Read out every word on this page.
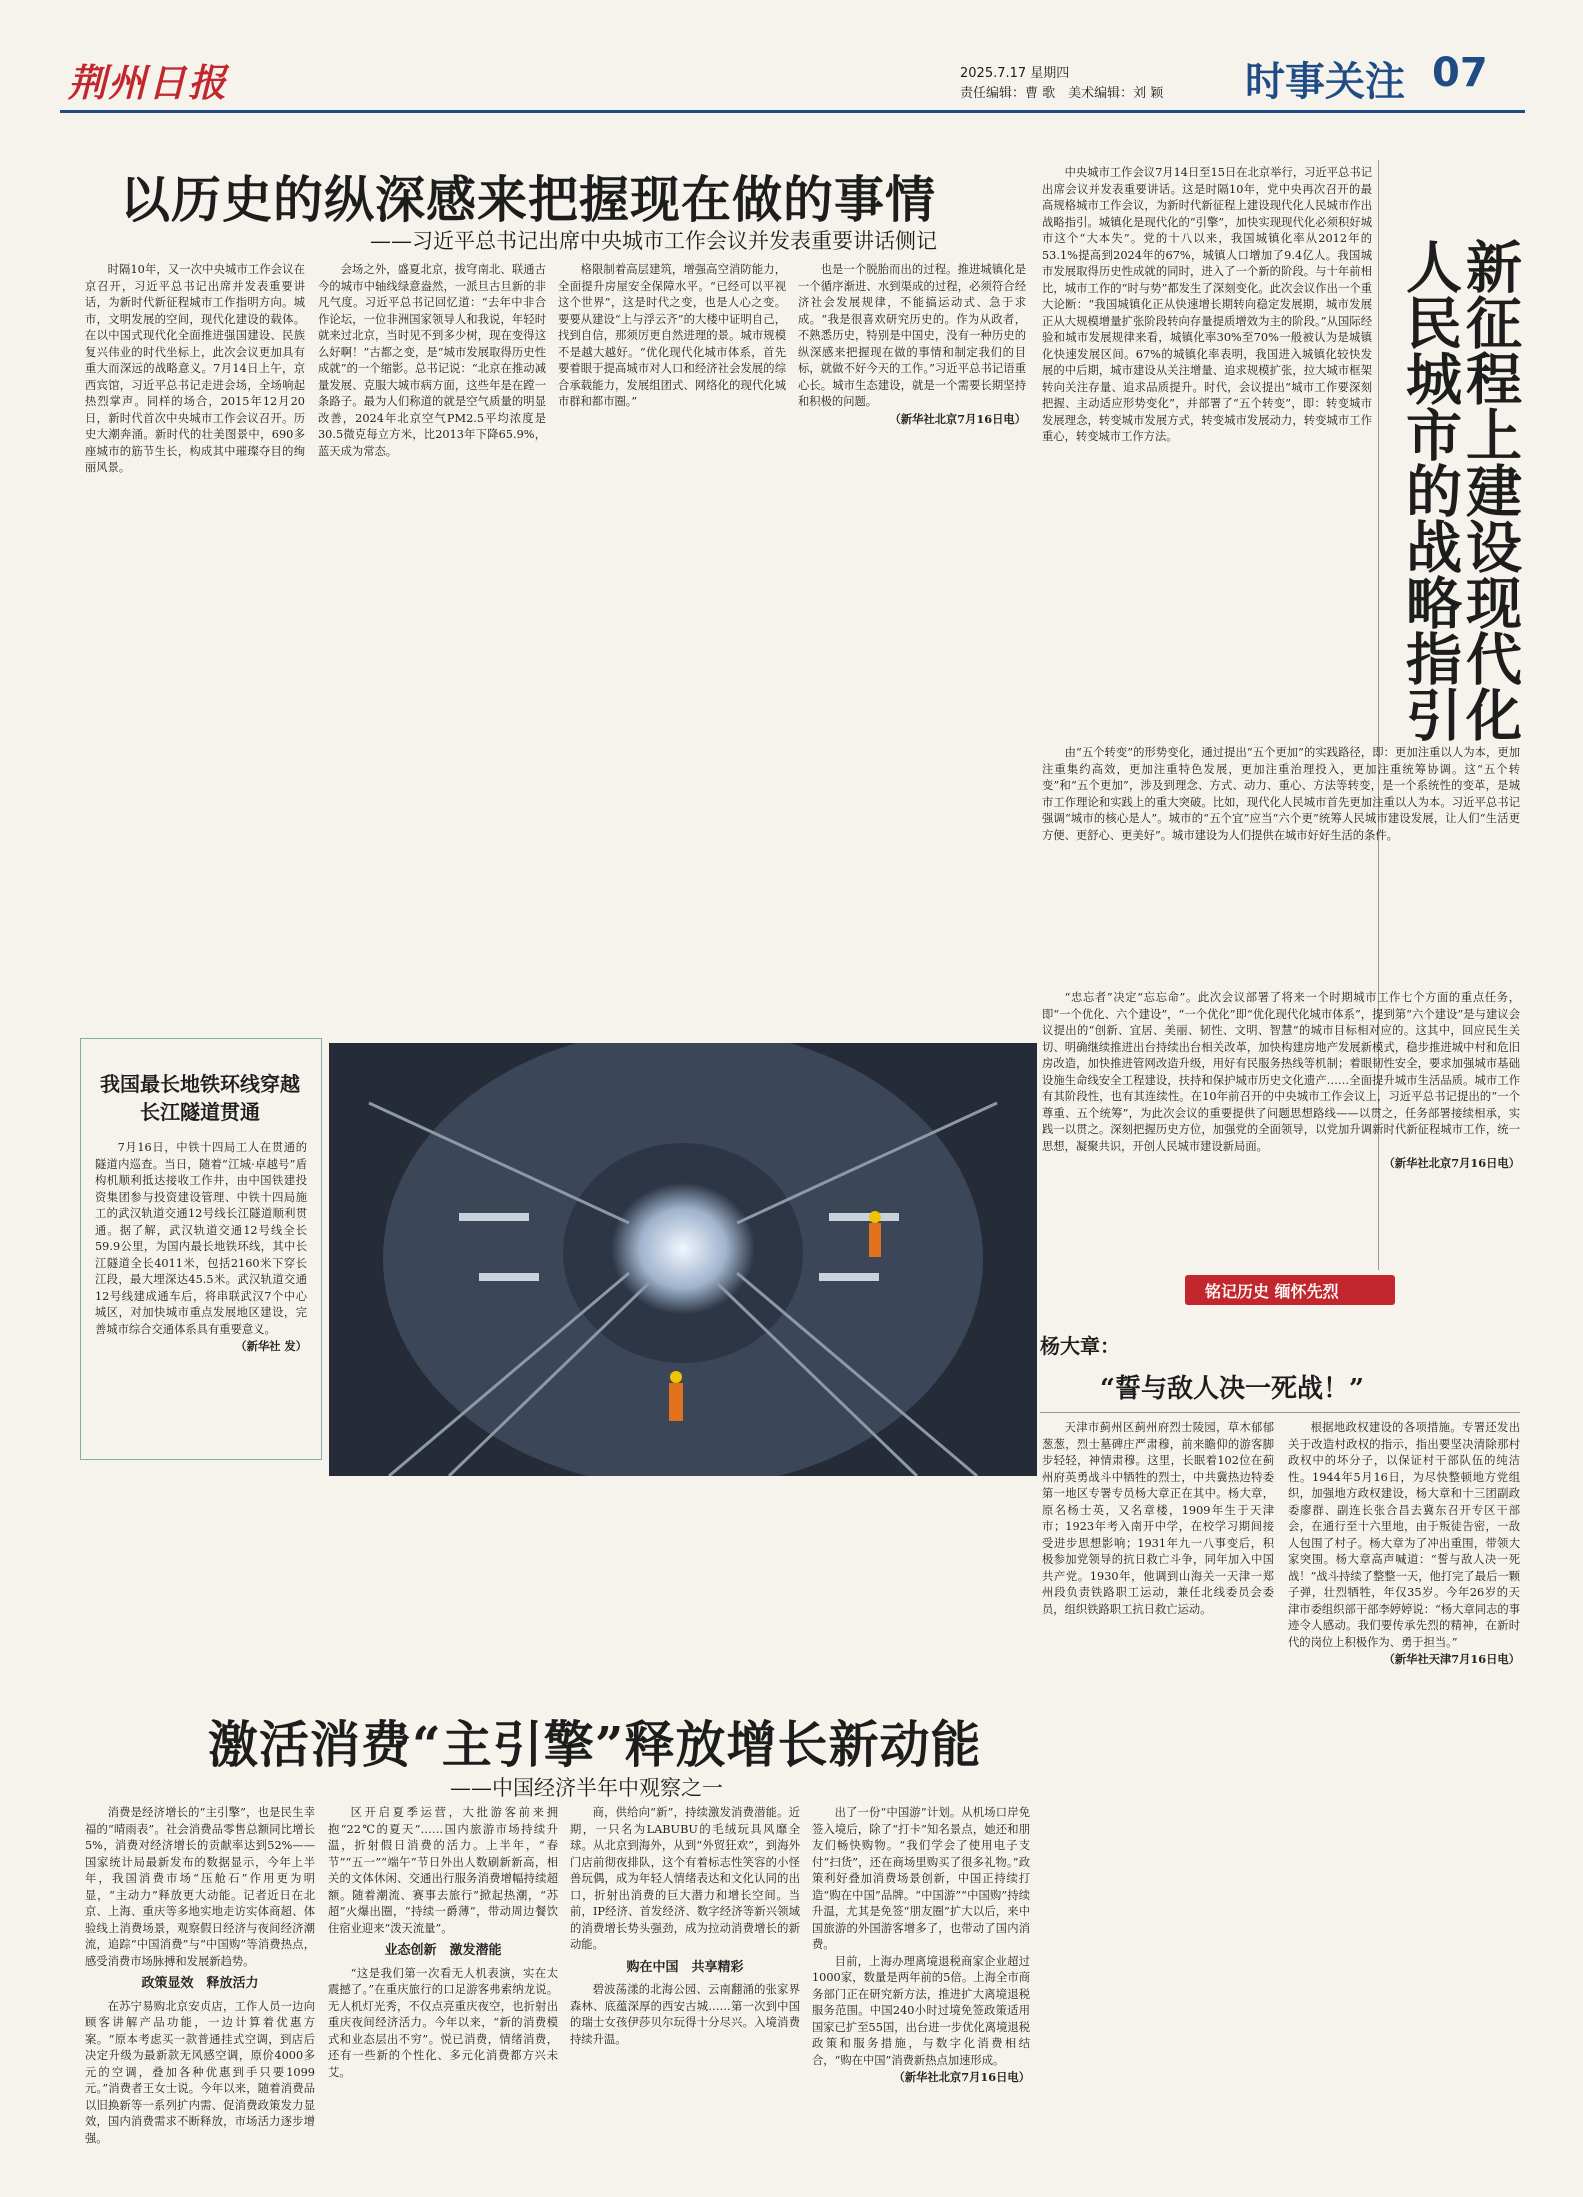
荆州日报	2025.7.17 星期四
责任编辑：曹 歌　美术编辑：刘 颖 时事关注 07
以历史的纵深感来把握现在做的事情
——习近平总书记出席中央城市工作会议并发表重要讲话侧记

时隔10年，又一次中央城市工作会议在京召开，习近平总书记出席并发表重要讲话，为新时代新征程城市工作指明方向。城市，文明发展的空间，现代化建设的载体。在以中国式现代化全面推进强国建设、民族复兴伟业的时代坐标上，此次会议更加具有重大而深远的战略意义。7月14日上午，京西宾馆，习近平总书记走进会场，全场响起热烈掌声。同样的场合，2015年12月20日，新时代首次中央城市工作会议召开。历史大潮奔涌。新时代的壮美图景中，690多座城市的筋节生长，构成其中璀璨夺目的绚丽风景。

会场之外，盛夏北京，拔穹南北、联通古今的城市中轴线绿意盎然，一派旦古旦新的非凡气度。习近平总书记回忆道：“去年中非合作论坛，一位非洲国家领导人和我说，年轻时就来过北京，当时见不到多少树，现在变得这么好啊！”古都之变，是“城市发展取得历史性成就”的一个缩影。总书记说：“北京在推动减量发展、克服大城市病方面，这些年是在蹚一条路子。最为人们称道的就是空气质量的明显改善，2024年北京空气PM2.5平均浓度是30.5微克每立方米，比2013年下降65.9%，蓝天成为常态。

格限制着高层建筑，增强高空消防能力，全面提升房屋安全保障水平。“已经可以平视这个世界”，这是时代之变，也是人心之变。要要从建设“上与浮云齐”的大楼中证明自己，找到自信，那须厉更自然进理的景。城市规模不是越大越好。“优化现代化城市体系，首先要着眼于提高城市对人口和经济社会发展的综合承载能力，发展组团式、网络化的现代化城市群和都市圈。”

也是一个脱胎而出的过程。推进城镇化是一个循序渐进、水到渠成的过程，必须符合经济社会发展规律，不能搞运动式、急于求成。“我是很喜欢研究历史的。作为从政者，不熟悉历史，特别是中国史，没有一种历史的纵深感来把握现在做的事情和制定我们的目标，就做不好今天的工作。”习近平总书记语重心长。城市生态建设，就是一个需要长期坚持和积极的问题。

（新华社北京7月16日电）

中央城市工作会议7月14日至15日在北京举行，习近平总书记出席会议并发表重要讲话。这是时隔10年，党中央再次召开的最高规格城市工作会议，为新时代新征程上建设现代化人民城市作出战略指引。城镇化是现代化的“引擎”，加快实现现代化必须积好城市这个“大本失”。党的十八以来，我国城镇化率从2012年的53.1%提高到2024年的67%，城镇人口增加了9.4亿人。我国城市发展取得历史性成就的同时，进入了一个新的阶段。与十年前相比，城市工作的“时与势”都发生了深刻变化。此次会议作出一个重大论断：“我国城镇化正从快速增长期转向稳定发展期，城市发展正从大规模增量扩张阶段转向存量提质增效为主的阶段。”从国际经验和城市发展规律来看，城镇化率30%至70%一般被认为是城镇化快速发展区间。67%的城镇化率表明，我国进入城镇化较快发展的中后期，城市建设从关注增量、追求规模扩张，拉大城市框架转向关注存量、追求品质提升。时代，会议提出“城市工作要深刻把握、主动适应形势变化”，并部署了“五个转变”，即：转变城市发展理念，转变城市发展方式，转变城市发展动力，转变城市工作重心，转变城市工作方法。	新征程上建设现代化人民城市的战略指引

由“五个转变”的形势变化，通过提出“五个更加”的实践路径，即：更加注重以人为本，更加注重集约高效，更加注重特色发展，更加注重治理投入，更加注重统筹协调。这“五个转变”和“五个更加”，涉及到理念、方式、动力、重心、方法等转变，是一个系统性的变革，是城市工作理论和实践上的重大突破。比如，现代化人民城市首先更加注重以人为本。习近平总书记强调“城市的核心是人”。城市的“五个宜”应当“六个更”统筹人民城市建设发展，让人们“生活更方便、更舒心、更美好”。城市建设为人们提供在城市好好生活的条件。

“忠忘者”决定“忘忘命”。此次会议部署了将来一个时期城市工作七个方面的重点任务，即“一个优化、六个建设”，“一个优化”即“优化现代化城市体系”，提到第“六个建设”是与建议会议提出的“创新、宜居、美丽、韧性、文明、智慧”的城市目标相对应的。这其中，回应民生关切、明确继续推进出台持续出台相关改革，加快构建房地产发展新模式，稳步推进城中村和危旧房改造，加快推进管网改造升级，用好有民服务热线等机制；着眼韧性安全，要求加强城市基础设施生命线安全工程建设，扶持和保护城市历史文化遗产……全面提升城市生活品质。城市工作有其阶段性，也有其连续性。在10年前召开的中央城市工作会议上，习近平总书记提出的“一个尊重、五个统筹”，为此次会议的重要提供了问题思想路线——以贯之，任务部署接续相承，实践一以贯之。深刻把握历史方位，加强党的全面领导，以党加升调新时代新征程城市工作，统一思想，凝聚共识，开创人民城市建设新局面。

（新华社北京7月16日电）

我国最长地铁环线穿越长江隧道贯通

7月16日，中铁十四局工人在贯通的隧道内巡查。当日，随着“江城·卓越号”盾构机顺利抵达接收工作井，由中国铁建投资集团参与投资建设管理、中铁十四局施工的武汉轨道交通12号线长江隧道顺利贯通。据了解，武汉轨道交通12号线全长59.9公里，为国内最长地铁环线，其中长江隧道全长4011米，包括2160米下穿长江段，最大埋深达45.5米。武汉轨道交通12号线建成通车后，将串联武汉7个中心城区，对加快城市重点发展地区建设，完善城市综合交通体系具有重要意义。

（新华社 发）

激活消费“主引擎”释放增长新动能
——中国经济半年中观察之一

消费是经济增长的“主引擎”，也是民生幸福的“晴雨表”。社会消费品零售总额同比增长5%，消费对经济增长的贡献率达到52%——国家统计局最新发布的数据显示，今年上半年，我国消费市场“压舱石”作用更为明显，“主动力”释放更大动能。记者近日在北京、上海、重庆等多地实地走访实体商超、体验线上消费场景，观察假日经济与夜间经济潮流，追踪“中国消费”与“中国购”等消费热点，感受消费市场脉搏和发展新趋势。

政策显效　释放活力

在苏宁易购北京安贞店，工作人员一边向顾客讲解产品功能，一边计算着优惠方案。“原本考虑买一款普通挂式空调，到店后决定升级为最新款无风感空调，原价4000多元的空调，叠加各种优惠到手只要1099元。”消费者王女士说。今年以来，随着消费品以旧换新等一系列扩内需、促消费政策发力显效，国内消费需求不断释放，市场活力逐步增强。

区开启夏季运营，大批游客前来拥抱“22℃的夏天”……国内旅游市场持续升温，折射假日消费的活力。上半年，“春节”“五一”“端午”节日外出人数刷新新高，相关的文体休闲、交通出行服务消费增幅持续超额。随着潮流、赛事去旅行”掀起热潮，“苏超”火爆出圈，“持续一爵薄”，带动周边餐饮住宿业迎来“泼天流量”。

业态创新　激发潜能

“这是我们第一次看无人机表演，实在太震撼了。”在重庆旅行的口足游客弗索纳龙说。无人机灯光秀，不仅点亮重庆夜空，也折射出重庆夜间经济活力。今年以来，“新的消费模式和业态层出不穷”。悦已消费，情绪消费，还有一些新的个性化、多元化消费都方兴未艾。

商，供给向“新”，持续激发消费潜能。近期，一只名为LABUBU的毛绒玩具风靡全球。从北京到海外，从到“外贸狂欢”，到海外门店前彻夜排队，这个有着标志性笑容的小怪兽玩偶，成为年轻人情绪表达和文化认同的出口，折射出消费的巨大潜力和增长空间。当前，IP经济、首发经济、数字经济等新兴领域的消费增长势头强劲，成为拉动消费增长的新动能。

购在中国　共享精彩

碧波荡漾的北海公园、云南翻涌的张家界森林、底蕴深厚的西安古城……第一次到中国的瑞士女孩伊莎贝尔玩得十分尽兴。入境消费持续升温。

出了一份“中国游”计划。从机场口岸免签入境后，除了“打卡”知名景点，她还和朋友们畅快购物。“我们学会了使用电子支付“扫货”，还在商场里购买了很多礼物。”政策利好叠加消费场景创新，中国正持续打造“购在中国”品牌。“中国游”“中国购”持续升温，尤其是免签“朋友圈”扩大以后，来中国旅游的外国游客增多了，也带动了国内消费。

目前，上海办理离境退税商家企业超过1000家，数量是两年前的5倍。上海全市商务部门正在研究新方法，推进扩大离境退税服务范围。中国240小时过境免签政策适用国家已扩至55国，出台进一步优化离境退税政策和服务措施，与数字化消费相结合，“购在中国”消费新热点加速形成。

（新华社北京7月16日电）

铭记历史 缅怀先烈
杨大章：
“誓与敌人决一死战！”

天津市蓟州区蓟州府烈士陵园，草木郁郁葱葱，烈士墓碑庄严肃穆，前来瞻仰的游客脚步轻轻，神情肃穆。这里，长眠着102位在蓟州府英勇战斗中牺牲的烈士，中共冀热边特委第一地区专署专员杨大章正在其中。杨大章，原名杨士英，又名章楼，1909年生于天津市；1923年考入南开中学，在校学习期间接受进步思想影响；1931年九一八事变后，积极参加党领导的抗日救亡斗争，同年加入中国共产党。1930年，他调到山海关一天津一郑州段负责铁路职工运动，兼任北线委员会委员，组织铁路职工抗日救亡运动。

根据地政权建设的各项措施。专署还发出关于改造村政权的指示，指出要坚决清除那村政权中的坏分子，以保证村干部队伍的纯洁性。1944年5月16日，为尽快整顿地方党组织，加强地方政权建设，杨大章和十三团副政委廖群、副连长张合昌去冀东召开专区干部会，在通行至十六里地，由于叛徒告密，一敌人包围了村子。杨大章为了冲出重围，带领大家突围。杨大章高声喊道：“誓与敌人决一死战！”战斗持续了整整一天，他打完了最后一颗子弹，壮烈牺牲，年仅35岁。今年26岁的天津市委组织部干部李婷婷说：“杨大章同志的事迹令人感动。我们要传承先烈的精神，在新时代的岗位上积极作为、勇于担当。”

（新华社天津7月16日电）
